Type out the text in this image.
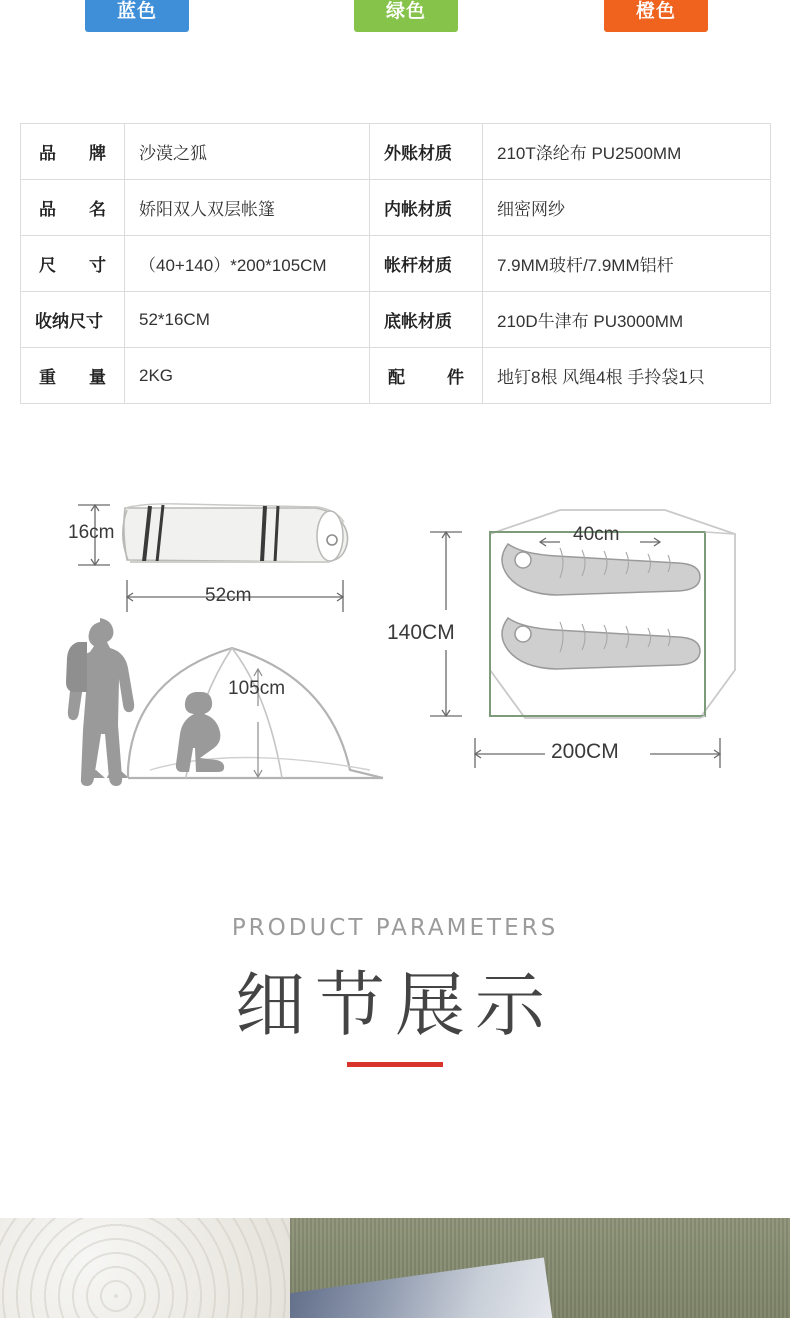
蓝色	绿色	橙色
品 牌	沙漠之狐	外账材质	210T涤纶布 PU2500MM
品 名	娇阳双人双层帐篷	内帐材质	细密网纱
尺 寸	（40+140）*200*105CM	帐杆材质	7.9MM玻杆/7.9MM铝杆
收纳尺寸	52*16CM	底帐材质	210D牛津布 PU3000MM
重 量	2KG	配 件	地钉8根 风绳4根 手拎袋1只
16cm
52cm
105cm
40cm
140CM
200CM
PRODUCT PARAMETERS
细节展示
